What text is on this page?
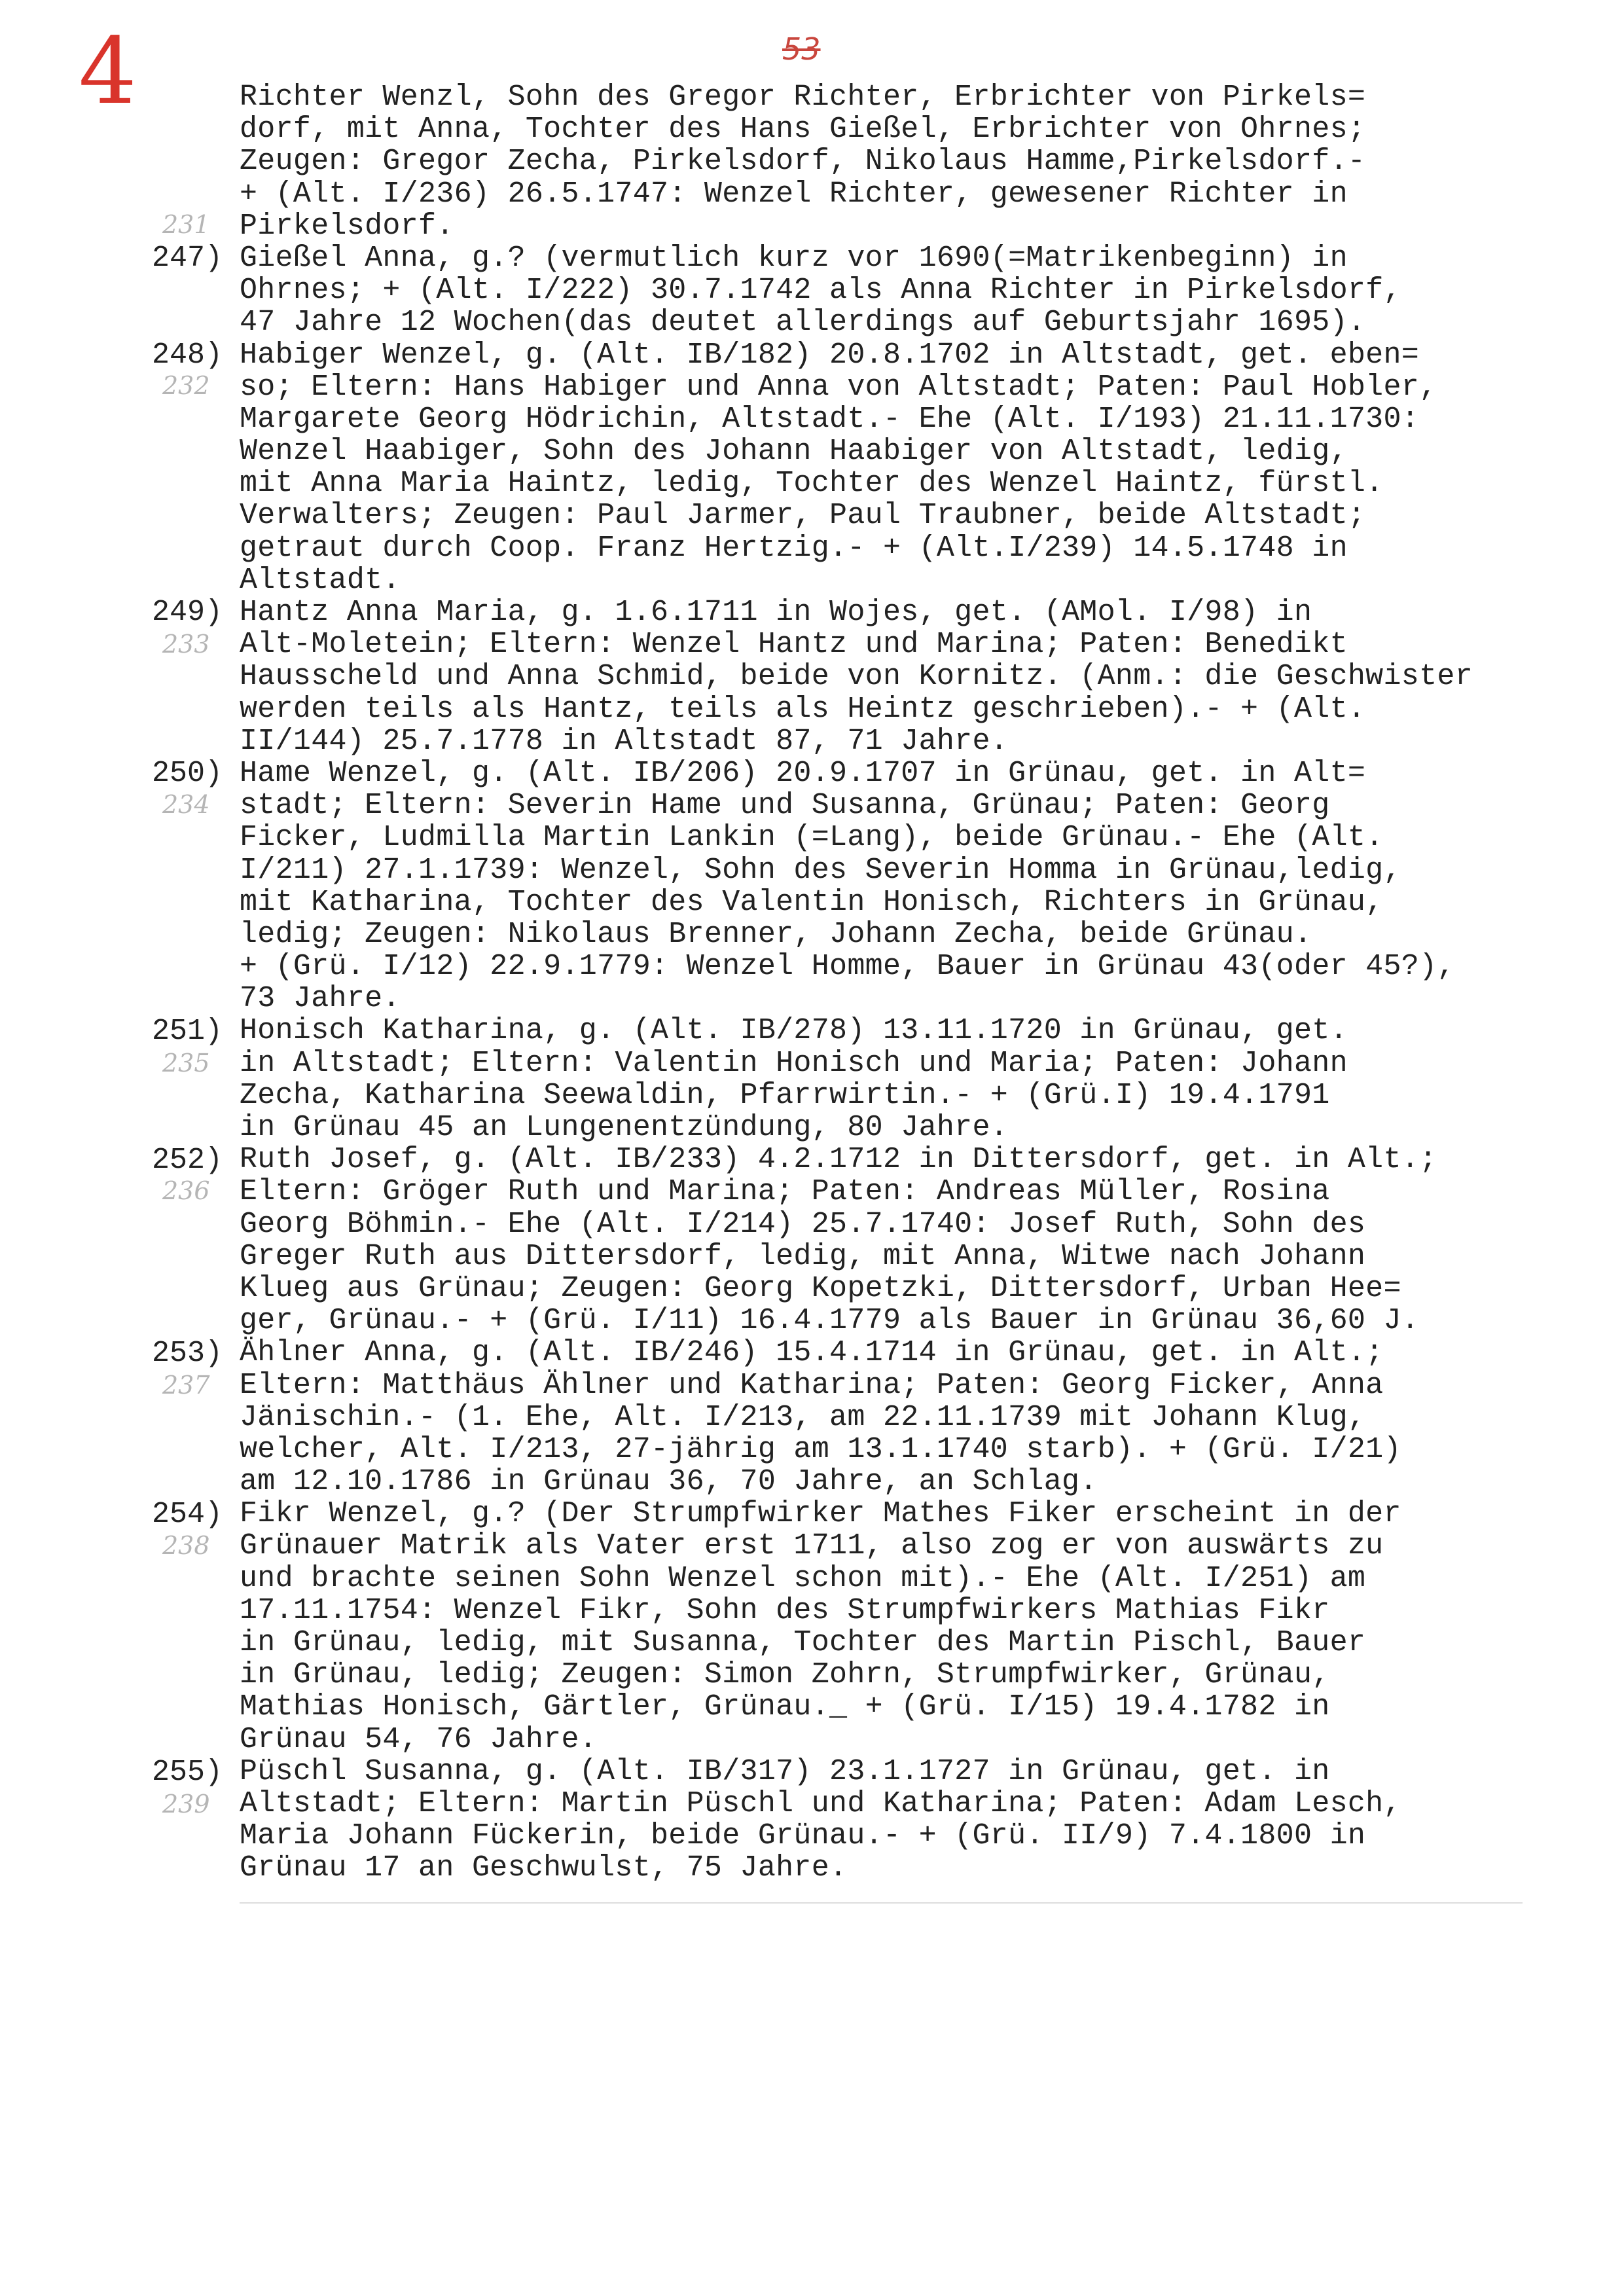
4	53
Richter Wenzl, Sohn des Gregor Richter, Erbrichter von Pirkels=
dorf, mit Anna, Tochter des Hans Gießel, Erbrichter von Ohrnes;
Zeugen: Gregor Zecha, Pirkelsdorf, Nikolaus Hamme,Pirkelsdorf.-
+ (Alt. I/236) 26.5.1747: Wenzel Richter, gewesener Richter in
Pirkelsdorf.
Gießel Anna, g.? (vermutlich kurz vor 1690(=Matrikenbeginn) in
Ohrnes; + (Alt. I/222) 30.7.1742 als Anna Richter in Pirkelsdorf,
47 Jahre 12 Wochen(das deutet allerdings auf Geburtsjahr 1695).
Habiger Wenzel, g. (Alt. IB/182) 20.8.1702 in Altstadt, get. eben=
so; Eltern: Hans Habiger und Anna von Altstadt; Paten: Paul Hobler,
Margarete Georg Hödrichin, Altstadt.- Ehe (Alt. I/193) 21.11.1730:
Wenzel Haabiger, Sohn des Johann Haabiger von Altstadt, ledig,
mit Anna Maria Haintz, ledig, Tochter des Wenzel Haintz, fürstl.
Verwalters; Zeugen: Paul Jarmer, Paul Traubner, beide Altstadt;
getraut durch Coop. Franz Hertzig.- + (Alt.I/239) 14.5.1748 in
Altstadt.
Hantz Anna Maria, g. 1.6.1711 in Wojes, get. (AMol. I/98) in
Alt-Moletein; Eltern: Wenzel Hantz und Marina; Paten: Benedikt
Hausscheld und Anna Schmid, beide von Kornitz. (Anm.: die Geschwister
werden teils als Hantz, teils als Heintz geschrieben).- + (Alt.
II/144) 25.7.1778 in Altstadt 87, 71 Jahre.
Hame Wenzel, g. (Alt. IB/206) 20.9.1707 in Grünau, get. in Alt=
stadt; Eltern: Severin Hame und Susanna, Grünau; Paten: Georg
Ficker, Ludmilla Martin Lankin (=Lang), beide Grünau.- Ehe (Alt.
I/211) 27.1.1739: Wenzel, Sohn des Severin Homma in Grünau,ledig,
mit Katharina, Tochter des Valentin Honisch, Richters in Grünau,
ledig; Zeugen: Nikolaus Brenner, Johann Zecha, beide Grünau.
+ (Grü. I/12) 22.9.1779: Wenzel Homme, Bauer in Grünau 43(oder 45?),
73 Jahre.
Honisch Katharina, g. (Alt. IB/278) 13.11.1720 in Grünau, get.
in Altstadt; Eltern: Valentin Honisch und Maria; Paten: Johann
Zecha, Katharina Seewaldin, Pfarrwirtin.- + (Grü.I) 19.4.1791
in Grünau 45 an Lungenentzündung, 80 Jahre.
Ruth Josef, g. (Alt. IB/233) 4.2.1712 in Dittersdorf, get. in Alt.;
Eltern: Gröger Ruth und Marina; Paten: Andreas Müller, Rosina
Georg Böhmin.- Ehe (Alt. I/214) 25.7.1740: Josef Ruth, Sohn des
Greger Ruth aus Dittersdorf, ledig, mit Anna, Witwe nach Johann
Klueg aus Grünau; Zeugen: Georg Kopetzki, Dittersdorf, Urban Hee=
ger, Grünau.- + (Grü. I/11) 16.4.1779 als Bauer in Grünau 36,60 J.
Ählner Anna, g. (Alt. IB/246) 15.4.1714 in Grünau, get. in Alt.;
Eltern: Matthäus Ählner und Katharina; Paten: Georg Ficker, Anna
Jänischin.- (1. Ehe, Alt. I/213, am 22.11.1739 mit Johann Klug,
welcher, Alt. I/213, 27-jährig am 13.1.1740 starb). + (Grü. I/21)
am 12.10.1786 in Grünau 36, 70 Jahre, an Schlag.
Fikr Wenzel, g.? (Der Strumpfwirker Mathes Fiker erscheint in der
Grünauer Matrik als Vater erst 1711, also zog er von auswärts zu
und brachte seinen Sohn Wenzel schon mit).- Ehe (Alt. I/251) am
17.11.1754: Wenzel Fikr, Sohn des Strumpfwirkers Mathias Fikr
in Grünau, ledig, mit Susanna, Tochter des Martin Pischl, Bauer
in Grünau, ledig; Zeugen: Simon Zohrn, Strumpfwirker, Grünau,
Mathias Honisch, Gärtler, Grünau._ + (Grü. I/15) 19.4.1782 in
Grünau 54, 76 Jahre.
Püschl Susanna, g. (Alt. IB/317) 23.1.1727 in Grünau, get. in
Altstadt; Eltern: Martin Püschl und Katharina; Paten: Adam Lesch,
Maria Johann Fückerin, beide Grünau.- + (Grü. II/9) 7.4.1800 in
Grünau 17 an Geschwulst, 75 Jahre.
247)
248)
249)
250)
251)
252)
253)
254)
255)
231
232
233
234
235
236
237
238
239
